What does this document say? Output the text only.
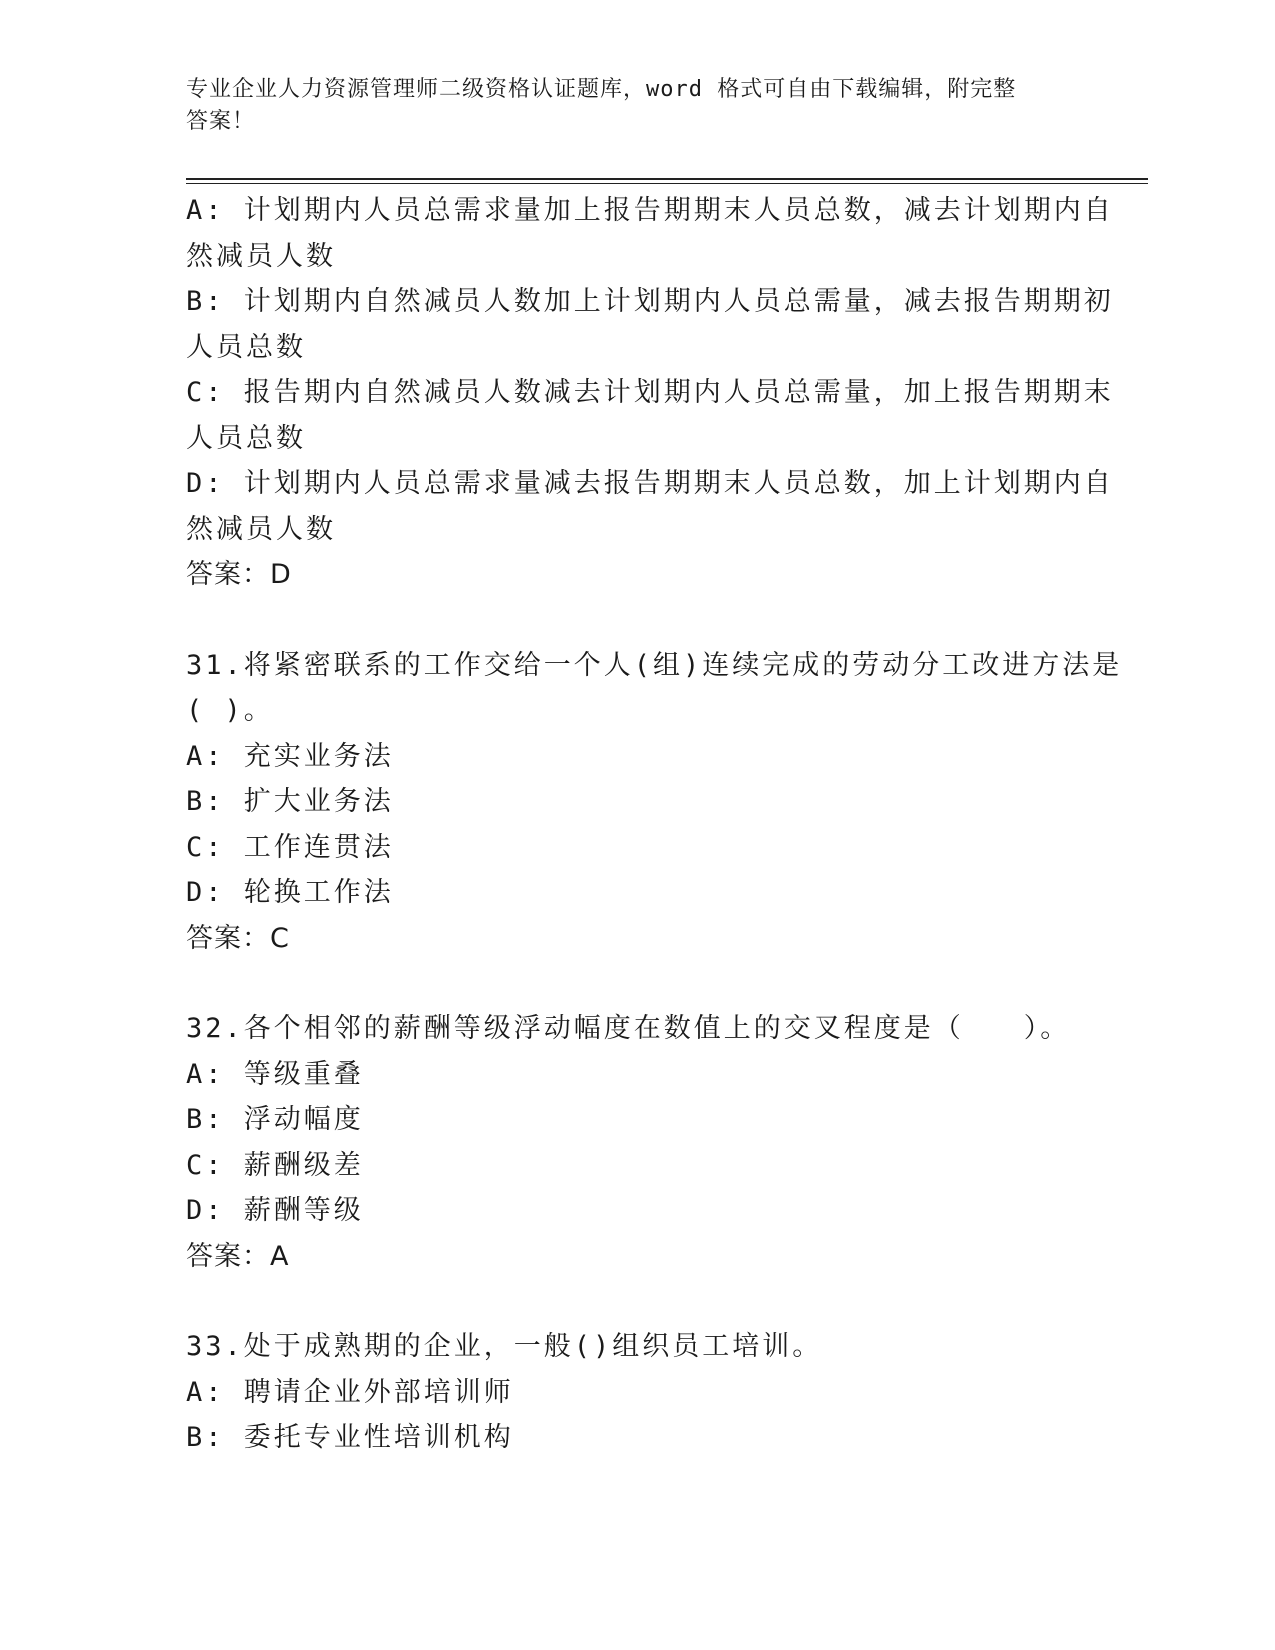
专业企业人力资源管理师二级资格认证题库，word 格式可自由下载编辑，附完整
答案！
A: 计划期内人员总需求量加上报告期期末人员总数，减去计划期内自
然减员人数
B: 计划期内自然减员人数加上计划期内人员总需量，减去报告期期初
人员总数
C: 报告期内自然减员人数减去计划期内人员总需量，加上报告期期末
人员总数
D: 计划期内人员总需求量减去报告期期末人员总数，加上计划期内自
然减员人数
答案：D
31.将紧密联系的工作交给一个人(组)连续完成的劳动分工改进方法是
( )。
A: 充实业务法
B: 扩大业务法
C: 工作连贯法
D: 轮换工作法
答案：C
32.各个相邻的薪酬等级浮动幅度在数值上的交叉程度是（　　）。
A: 等级重叠
B: 浮动幅度
C: 薪酬级差
D: 薪酬等级
答案：A
33.处于成熟期的企业，一般()组织员工培训。
A: 聘请企业外部培训师
B: 委托专业性培训机构
